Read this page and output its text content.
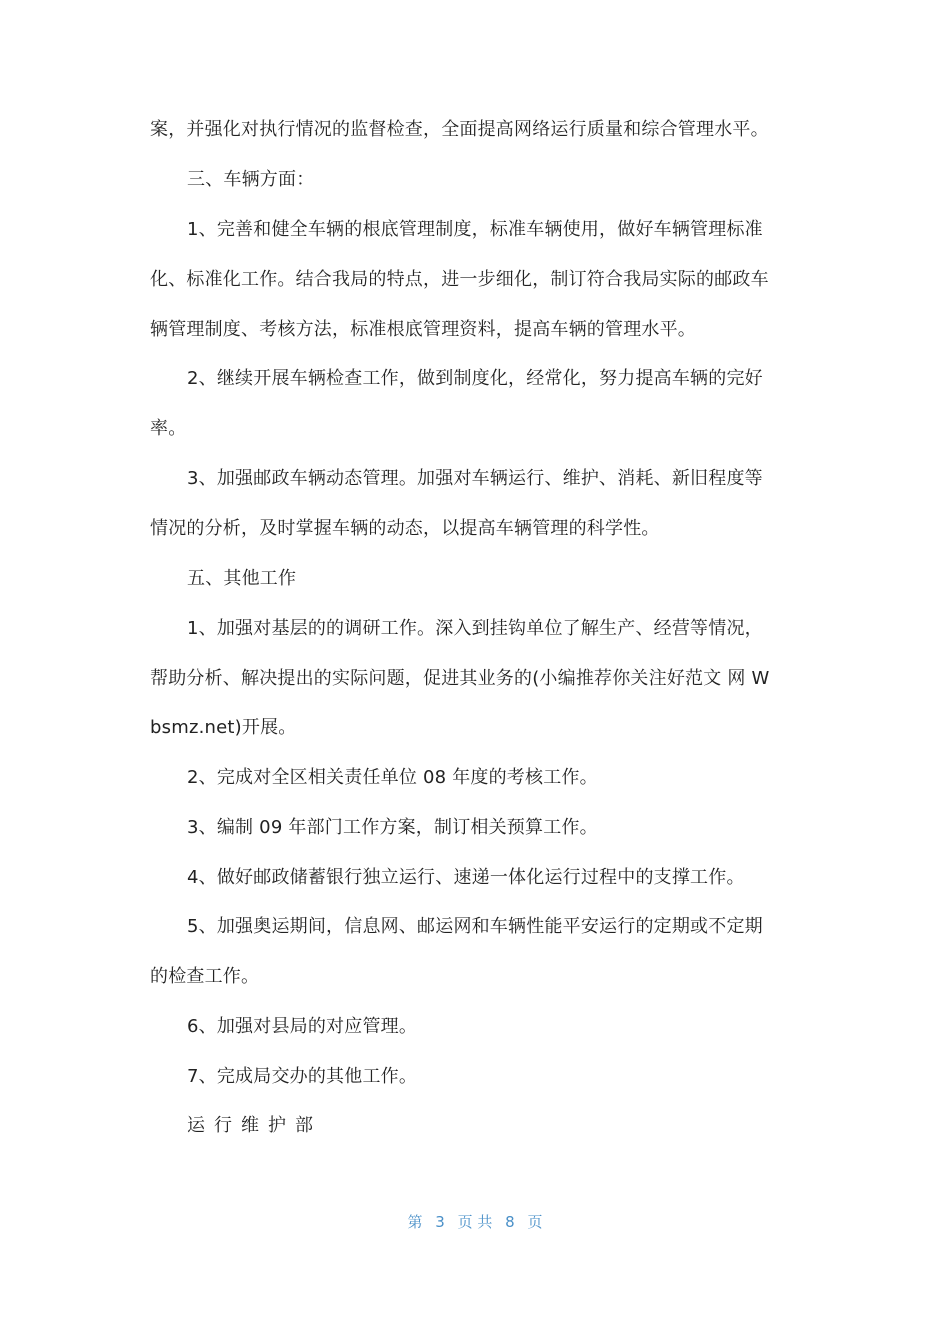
案，并强化对执行情况的监督检查，全面提高网络运行质量和综合管理水平。
三、车辆方面：
1、完善和健全车辆的根底管理制度，标准车辆使用，做好车辆管理标准
化、标准化工作。结合我局的特点，进一步细化，制订符合我局实际的邮政车
辆管理制度、考核方法，标准根底管理资料，提高车辆的管理水平。
2、继续开展车辆检查工作，做到制度化，经常化，努力提高车辆的完好
率。
3、加强邮政车辆动态管理。加强对车辆运行、维护、消耗、新旧程度等
情况的分析，及时掌握车辆的动态，以提高车辆管理的科学性。
五、其他工作
1、加强对基层的的调研工作。深入到挂钩单位了解生产、经营等情况，
帮助分析、解决提出的实际问题，促进其业务的(小编推荐你关注好范文 网 W
bsmz.net)开展。
2、完成对全区相关责任单位 08 年度的考核工作。
3、编制 09 年部门工作方案，制订相关预算工作。
4、做好邮政储蓄银行独立运行、速递一体化运行过程中的支撑工作。
5、加强奥运期间，信息网、邮运网和车辆性能平安运行的定期或不定期
的检查工作。
6、加强对县局的对应管理。
7、完成局交办的其他工作。
运行维护部
第 3 页 共 8 页
